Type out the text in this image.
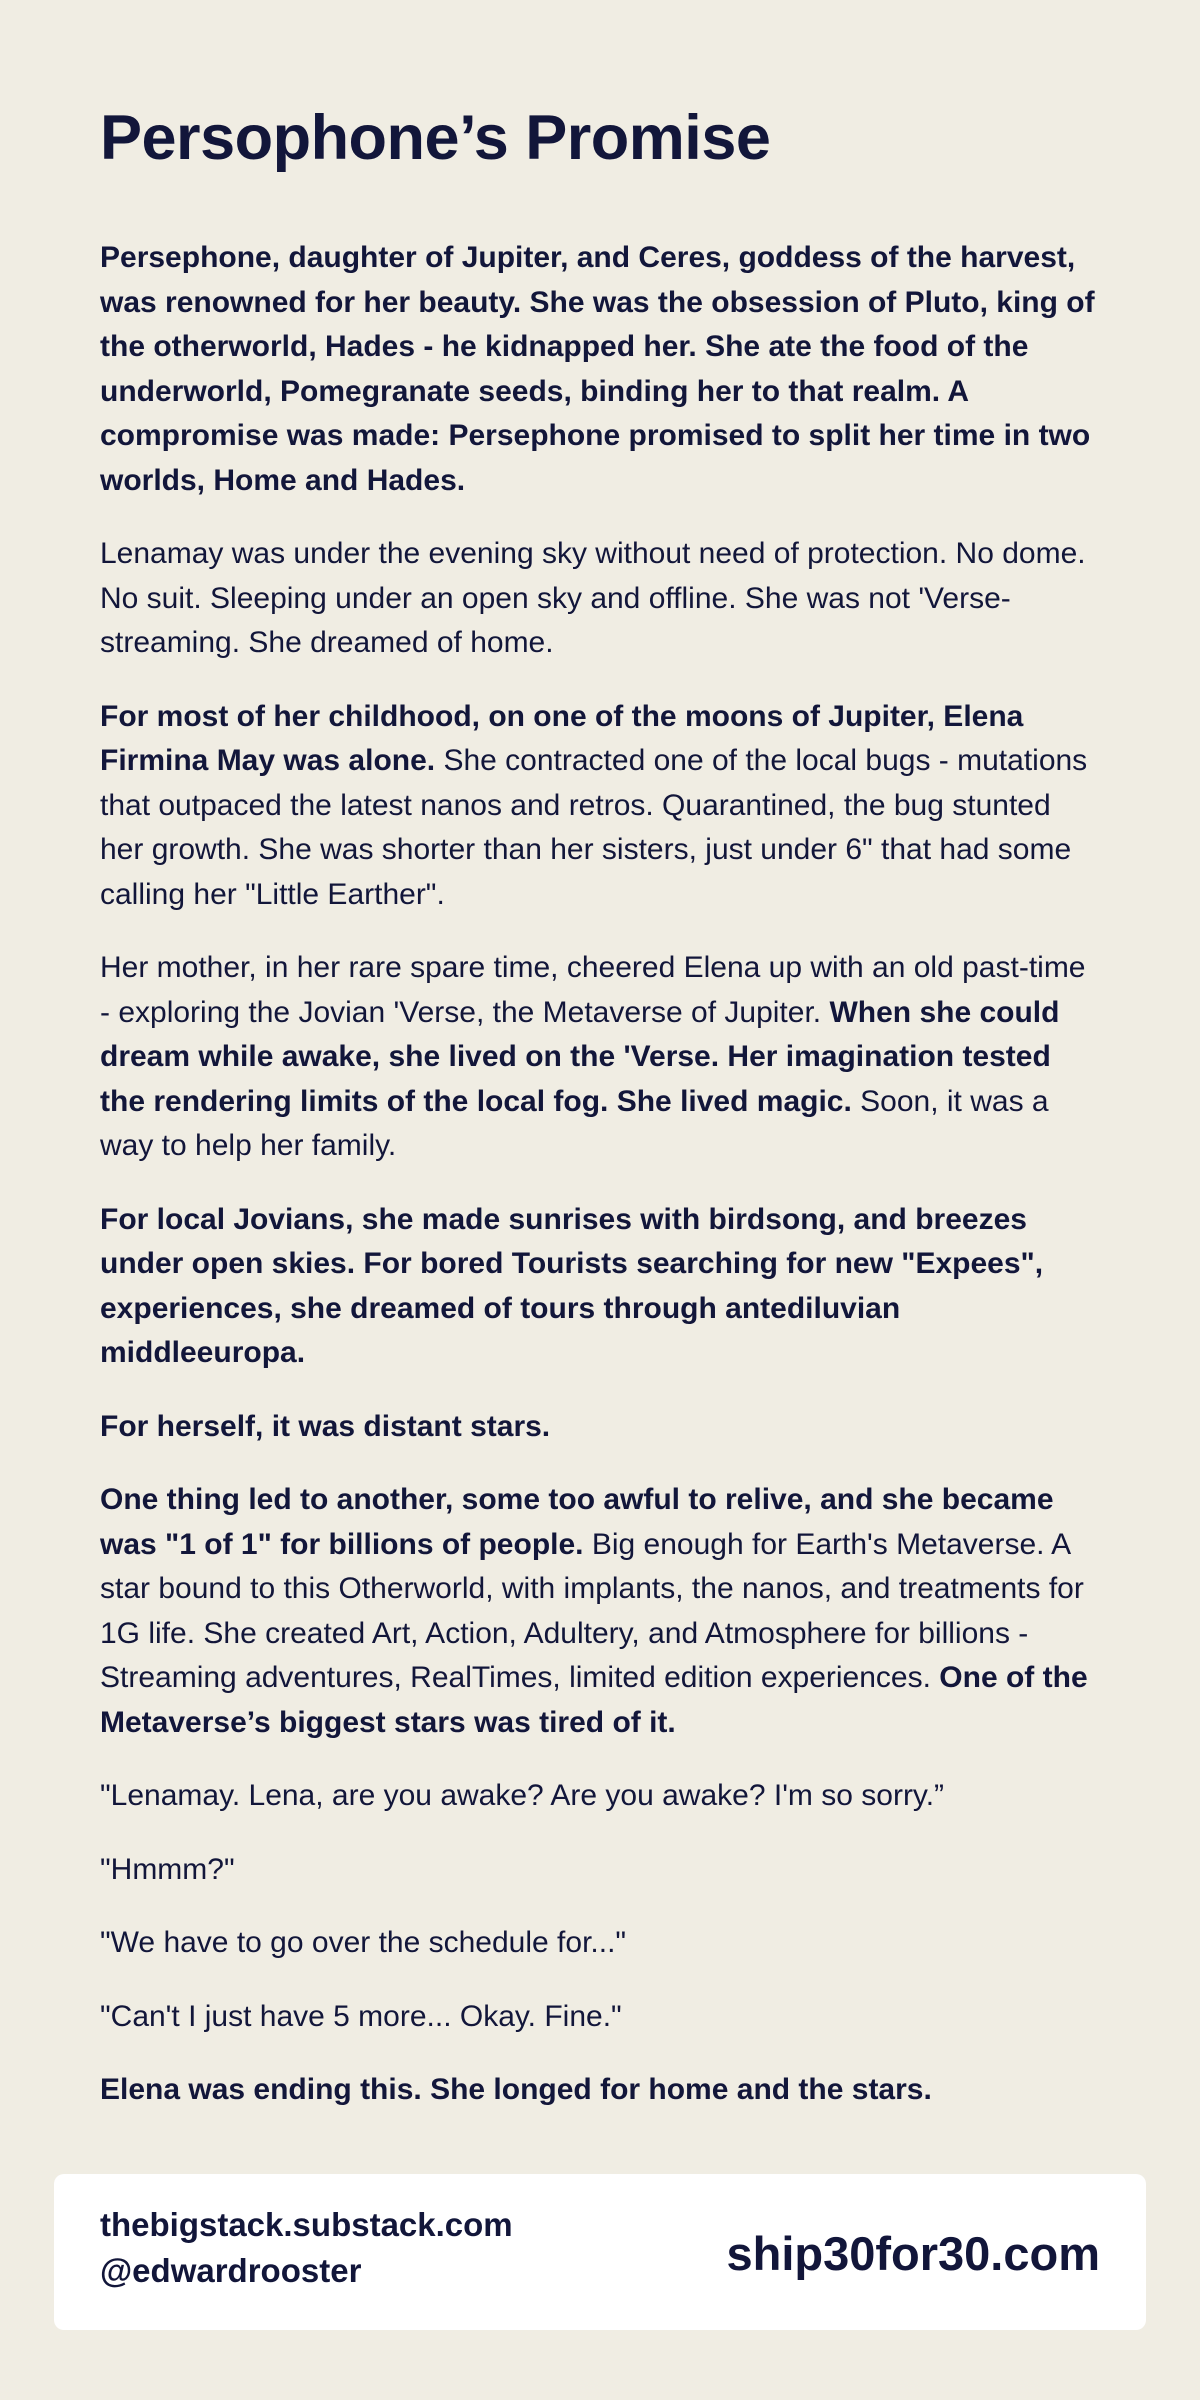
Persophone’s Promise

Persephone, daughter of Jupiter, and Ceres, goddess of the harvest, was renowned for her beauty. She was the obsession of Pluto, king of the otherworld, Hades - he kidnapped her. She ate the food of the underworld, Pomegranate seeds, binding her to that realm. A compromise was made: Persephone promised to split her time in two worlds, Home and Hades.

Lenamay was under the evening sky without need of protection. No dome. No suit. Sleeping under an open sky and offline. She was not 'Verse-streaming. She dreamed of home.

For most of her childhood, on one of the moons of Jupiter, Elena Firmina May was alone. She contracted one of the local bugs - mutations that outpaced the latest nanos and retros. Quarantined, the bug stunted her growth. She was shorter than her sisters, just under 6" that had some calling her "Little Earther".

Her mother, in her rare spare time, cheered Elena up with an old past-time - exploring the Jovian 'Verse, the Metaverse of Jupiter. When she could dream while awake, she lived on the 'Verse. Her imagination tested the rendering limits of the local fog. She lived magic. Soon, it was a way to help her family.

For local Jovians, she made sunrises with birdsong, and breezes under open skies. For bored Tourists searching for new "Expees", experiences, she dreamed of tours through antediluvian middleeuropa.

For herself, it was distant stars.

One thing led to another, some too awful to relive, and she became was "1 of 1" for billions of people. Big enough for Earth's Metaverse. A star bound to this Otherworld, with implants, the nanos, and treatments for 1G life. She created Art, Action, Adultery, and Atmosphere for billions - Streaming adventures, RealTimes, limited edition experiences. One of the Metaverse’s biggest stars was tired of it.

"Lenamay. Lena, are you awake? Are you awake? I'm so sorry.”

"Hmmm?"

"We have to go over the schedule for..."

"Can't I just have 5 more... Okay. Fine."

Elena was ending this. She longed for home and the stars.

thebigstack.substack.com
@edwardrooster	ship30for30.com
